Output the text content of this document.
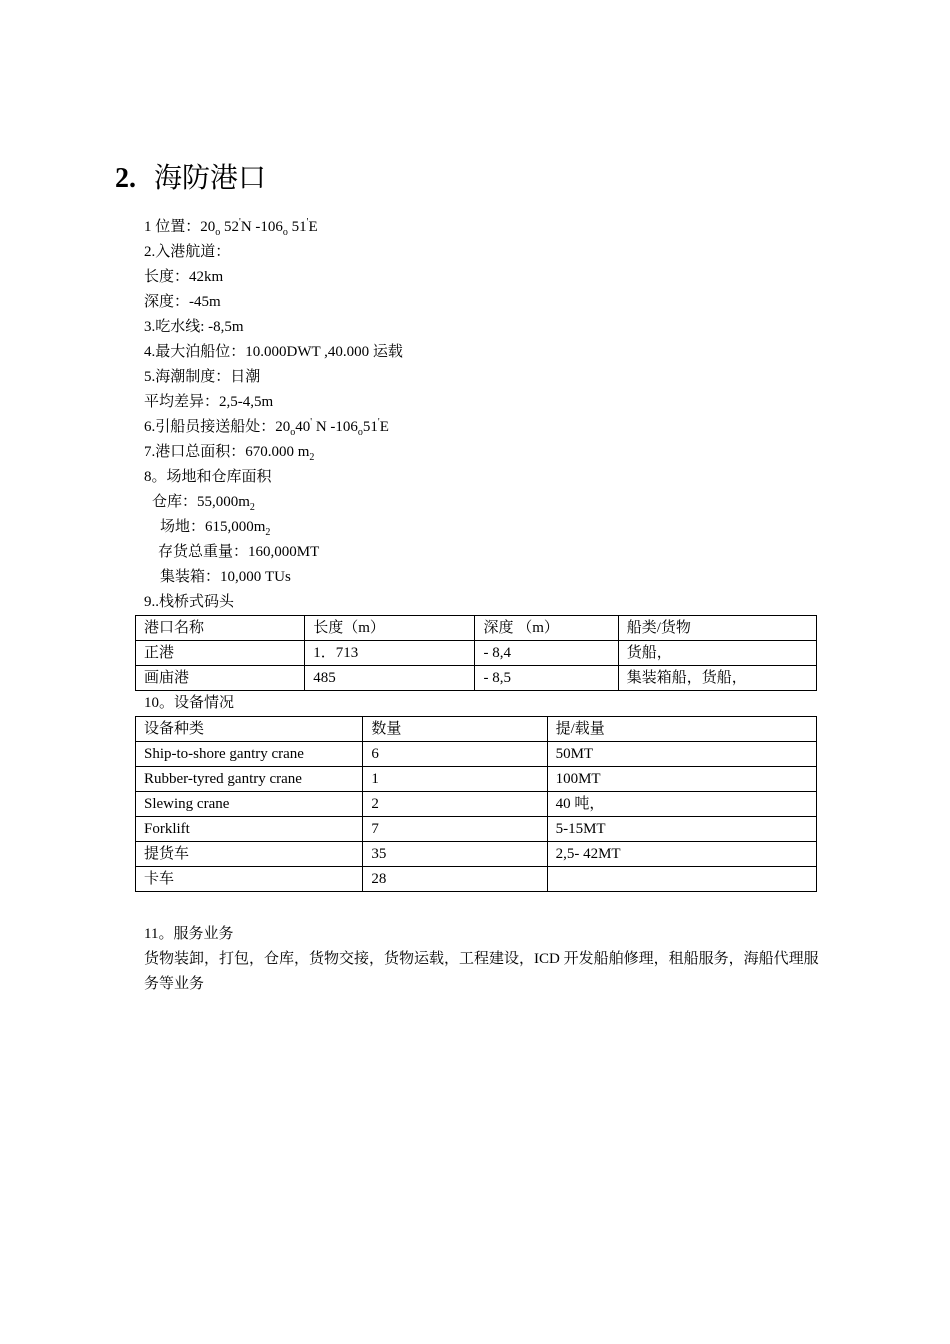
2. 海防港口
1 位置：$20_o$ 52'N $-106_o$ 51'E
2.入港航道：
长度：42km
深度：-45m
3.吃水线: -8,5m
4.最大泊船位：10.000DWT ,40.000 运载
5.海潮制度：日潮
平均差异：2,5-4,5m
6.引船员接送船处：$20_o40'$ N $-106_o51'E$
7.港口总面积：670.000 $m_2$
8。场地和仓库面积
仓库：$55,000m_2$
场地：$615,000m_2$
存货总重量：160,000MT
集装箱：10,000 TUs
9..栈桥式码头
港口名称	长度（m）	深度 （m）	船类/货物
正港	1．713	- 8,4	货船，
画庙港	485	- 8,5	集装箱船，货船，
10。设备情况
设备种类	数量	提/载量
Ship-to-shore gantry crane	6	50MT
Rubber-tyred gantry crane	1	100MT
Slewing crane	2	40 吨，
Forklift	7	5-15MT
提货车	35	2,5- 42MT
卡车	28	
11。服务业务
货物装卸，打包，仓库，货物交接，货物运载，工程建设，ICD 开发船舶修理，租船服务，海船代理服务等业务
